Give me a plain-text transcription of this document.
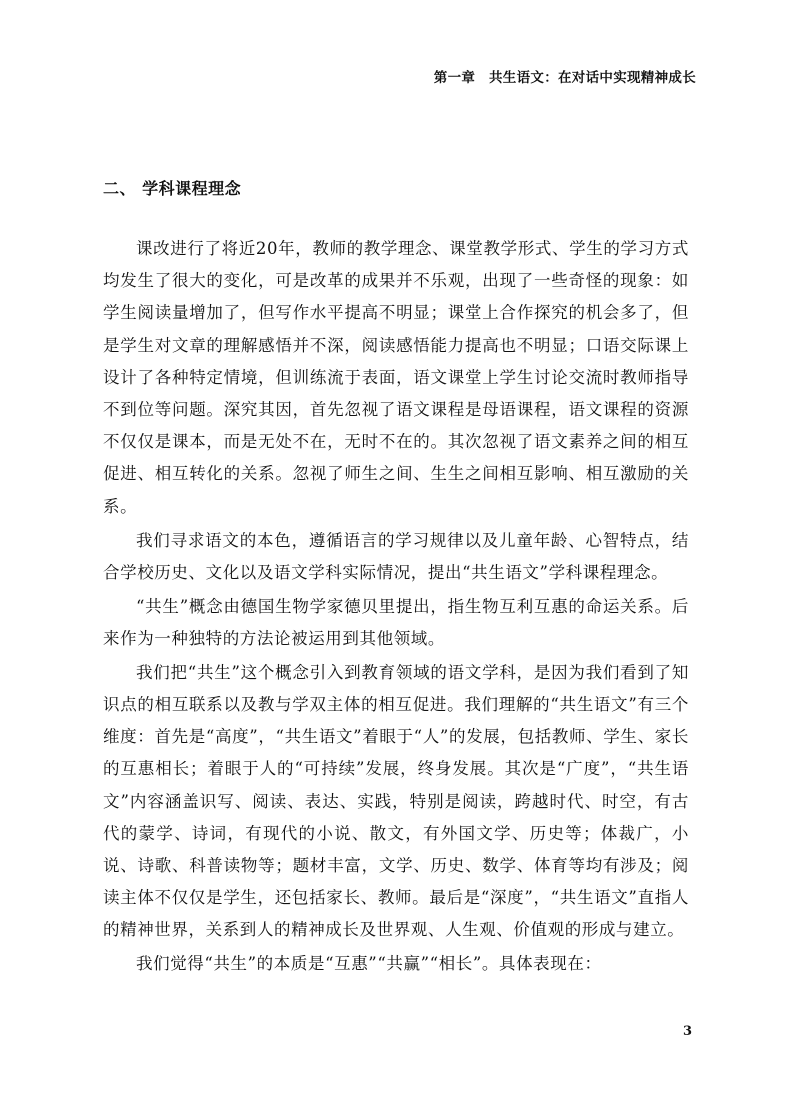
第一章　共生语文：在对话中实现精神成长
二、 学科课程理念

课改进行了将近20年，教师的教学理念、课堂教学形式、学生的学习方式均发生了很大的变化，可是改革的成果并不乐观，出现了一些奇怪的现象：如学生阅读量增加了，但写作水平提高不明显；课堂上合作探究的机会多了，但是学生对文章的理解感悟并不深，阅读感悟能力提高也不明显；口语交际课上设计了各种特定情境，但训练流于表面，语文课堂上学生讨论交流时教师指导不到位等问题。深究其因，首先忽视了语文课程是母语课程，语文课程的资源不仅仅是课本，而是无处不在，无时不在的。其次忽视了语文素养之间的相互促进、相互转化的关系。忽视了师生之间、生生之间相互影响、相互激励的关系。

我们寻求语文的本色，遵循语言的学习规律以及儿童年龄、心智特点，结合学校历史、文化以及语文学科实际情况，提出“共生语文”学科课程理念。

“共生”概念由德国生物学家德贝里提出，指生物互利互惠的命运关系。后来作为一种独特的方法论被运用到其他领域。

我们把“共生”这个概念引入到教育领域的语文学科，是因为我们看到了知识点的相互联系以及教与学双主体的相互促进。我们理解的“共生语文”有三个维度：首先是“高度”，“共生语文”着眼于“人”的发展，包括教师、学生、家长的互惠相长；着眼于人的“可持续”发展，终身发展。其次是“广度”，“共生语文”内容涵盖识写、阅读、表达、实践，特别是阅读，跨越时代、时空，有古代的蒙学、诗词，有现代的小说、散文，有外国文学、历史等；体裁广，小说、诗歌、科普读物等；题材丰富，文学、历史、数学、体育等均有涉及；阅读主体不仅仅是学生，还包括家长、教师。最后是“深度”，“共生语文”直指人的精神世界，关系到人的精神成长及世界观、人生观、价值观的形成与建立。

我们觉得“共生”的本质是“互惠”“共赢”“相长”。具体表现在：

3
